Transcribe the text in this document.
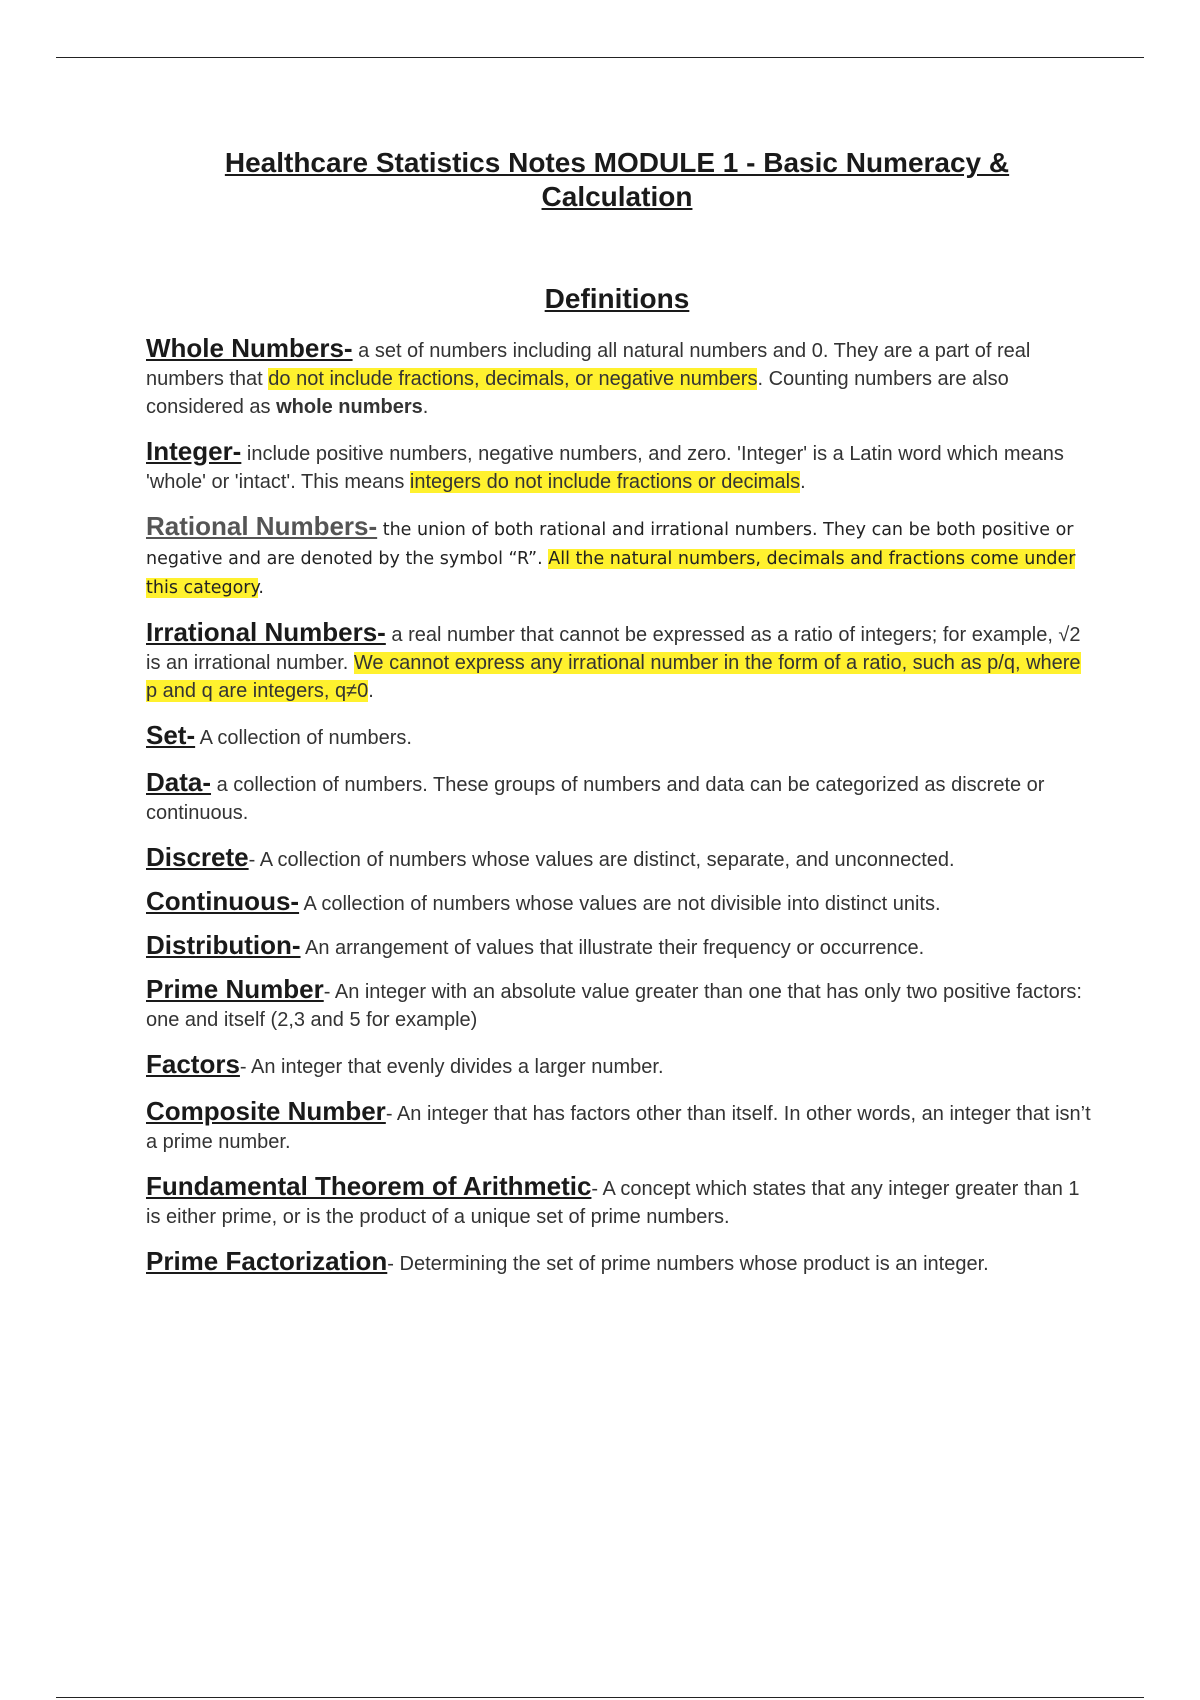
Healthcare Statistics Notes MODULE 1 - Basic Numeracy &
Calculation
Definitions

Whole Numbers- a set of numbers including all natural numbers and 0. They are a part of real numbers that do not include fractions, decimals, or negative numbers. Counting numbers are also considered as whole numbers.

Integer- include positive numbers, negative numbers, and zero. 'Integer' is a Latin word which means 'whole' or 'intact'. This means integers do not include fractions or decimals.

Rational Numbers- the union of both rational and irrational numbers. They can be both positive or negative and are denoted by the symbol “R”. All the natural numbers, decimals and fractions come under this category.

Irrational Numbers- a real number that cannot be expressed as a ratio of integers; for example, √2 is an irrational number. We cannot express any irrational number in the form of a ratio, such as p/q, where p and q are integers, q≠0.

Set- A collection of numbers.

Data- a collection of numbers. These groups of numbers and data can be categorized as discrete or continuous.

Discrete- A collection of numbers whose values are distinct, separate, and unconnected.

Continuous- A collection of numbers whose values are not divisible into distinct units.

Distribution- An arrangement of values that illustrate their frequency or occurrence.

Prime Number- An integer with an absolute value greater than one that has only two positive factors: one and itself (2,3 and 5 for example)

Factors- An integer that evenly divides a larger number.

Composite Number- An integer that has factors other than itself. In other words, an integer that isn’t a prime number.

Fundamental Theorem of Arithmetic- A concept which states that any integer greater than 1 is either prime, or is the product of a unique set of prime numbers.

Prime Factorization- Determining the set of prime numbers whose product is an integer.
